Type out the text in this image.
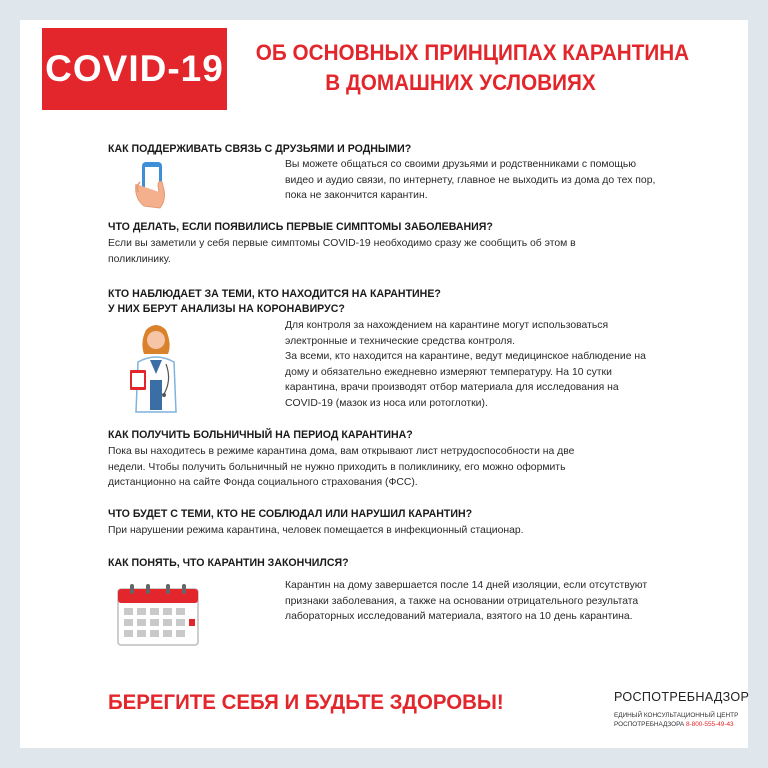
COVID-19 ОБ ОСНОВНЫХ ПРИНЦИПАХ КАРАНТИНА
В ДОМАШНИХ УСЛОВИЯХ
КАК ПОДДЕРЖИВАТЬ СВЯЗЬ С ДРУЗЬЯМИ И РОДНЫМИ?
Вы можете общаться со своими друзьями и родственниками с помощью
видео и аудио связи, по интернету, главное не выходить из дома до тех пор,
пока не закончится карантин.
ЧТО ДЕЛАТЬ, ЕСЛИ ПОЯВИЛИСЬ ПЕРВЫЕ СИМПТОМЫ ЗАБОЛЕВАНИЯ?
Если вы заметили у себя первые симптомы COVID-19 необходимо сразу же сообщить об этом в
поликлинику.
КТО НАБЛЮДАЕТ ЗА ТЕМИ, КТО НАХОДИТСЯ НА КАРАНТИНЕ?
У НИХ БЕРУТ АНАЛИЗЫ НА КОРОНАВИРУС?
Для контроля за нахождением на карантине могут использоваться
электронные и технические средства контроля.
За всеми, кто находится на карантине, ведут медицинское наблюдение на
дому и обязательно ежедневно измеряют температуру. На 10 сутки
карантина, врачи производят отбор материала для исследования на
COVID-19 (мазок из носа или ротоглотки).
КАК ПОЛУЧИТЬ БОЛЬНИЧНЫЙ НА ПЕРИОД КАРАНТИНА?
Пока вы находитесь в режиме карантина дома, вам открывают лист нетрудоспособности на две
недели. Чтобы получить больничный не нужно приходить в поликлинику, его можно оформить
дистанционно на сайте Фонда социального страхования (ФСС).
ЧТО БУДЕТ С ТЕМИ, КТО НЕ СОБЛЮДАЛ ИЛИ НАРУШИЛ КАРАНТИН?
При нарушении режима карантина, человек помещается в инфекционный стационар.
КАК ПОНЯТЬ, ЧТО КАРАНТИН ЗАКОНЧИЛСЯ?
Карантин на дому завершается после 14 дней изоляции, если отсутствуют
признаки заболевания, а также на основании отрицательного результата
лабораторных исследований материала, взятого на 10 день карантина.
БЕРЕГИТЕ СЕБЯ И БУДЬТЕ ЗДОРОВЫ!	РОСПОТРЕБНАДЗОР
ЕДИНЫЙ КОНСУЛЬТАЦИОННЫЙ ЦЕНТР
РОСПОТРЕБНАДЗОРА 8-800-555-49-43
